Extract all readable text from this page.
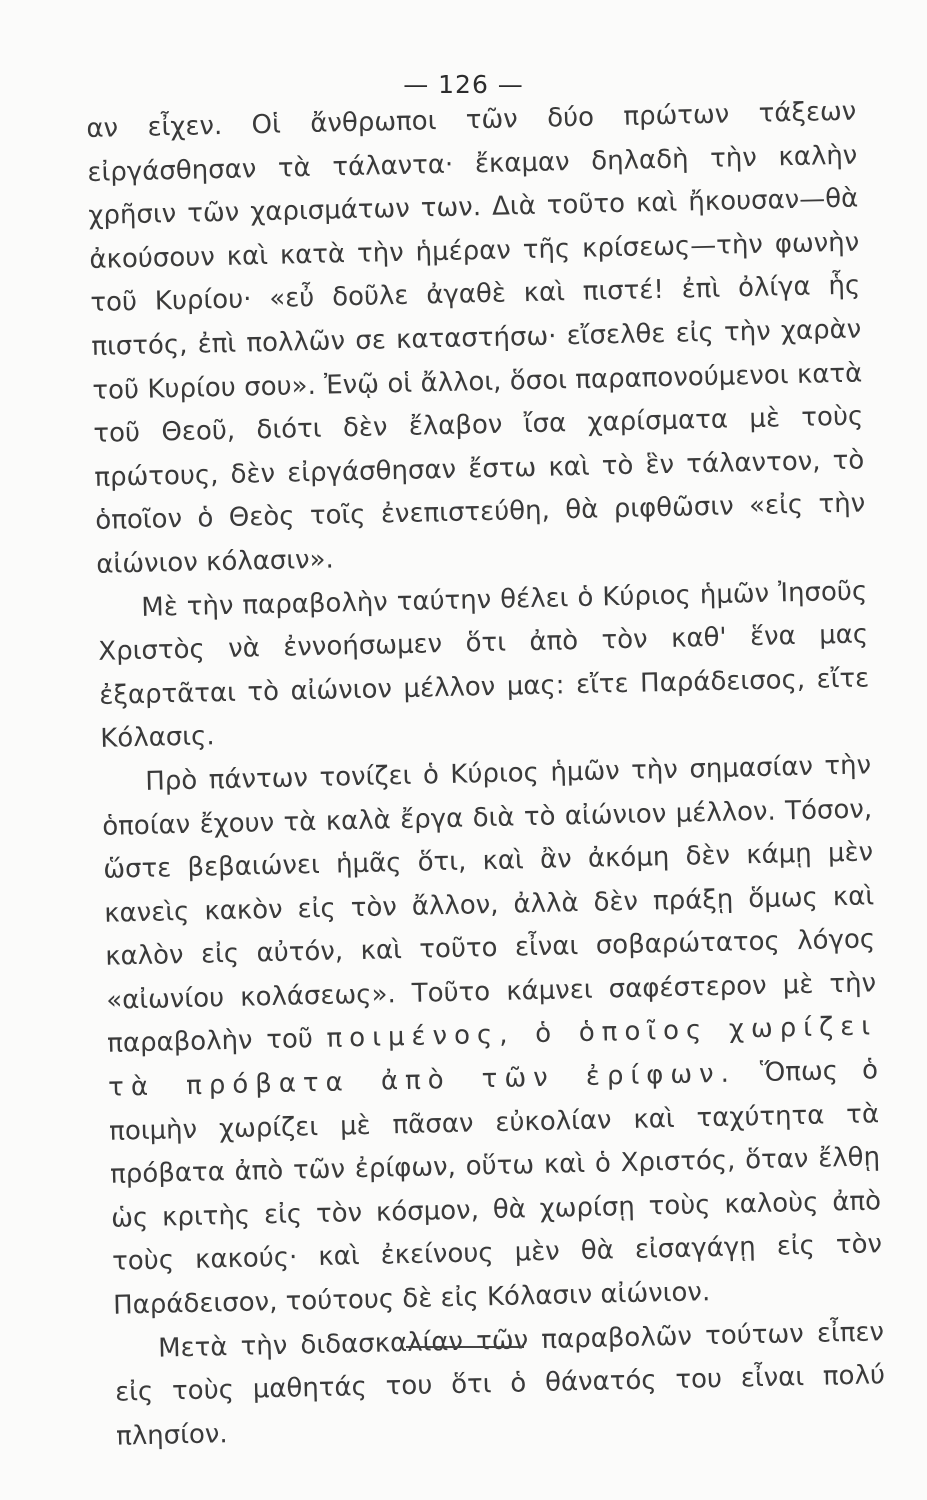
— 126 —

αν εἶχεν. Οἱ ἄνθρωποι τῶν δύο πρώτων τάξεων εἰργάσθησαν τὰ τάλαντα· ἔκαμαν δηλαδὴ τὴν καλὴν χρῆσιν τῶν χαρισμάτων των. Διὰ τοῦτο καὶ ἤκουσαν—θὰ ἀκούσουν καὶ κατὰ τὴν ἡμέραν τῆς κρίσεως—τὴν φωνὴν τοῦ Κυρίου· «εὖ δοῦλε ἀγαθὲ καὶ πιστέ! ἐπὶ ὀλίγα ἧς πιστός, ἐπὶ πολλῶν σε καταστήσω· εἴσελθε εἰς τὴν χαρὰν τοῦ Κυρίου σου». Ἐνῷ οἱ ἄλλοι, ὅσοι παραπονούμενοι κατὰ τοῦ Θεοῦ, διότι δὲν ἔλαβον ἴσα χαρίσματα μὲ τοὺς πρώτους, δὲν εἰργάσθησαν ἔστω καὶ τὸ ἓν τάλαντον, τὸ ὁποῖον ὁ Θεὸς τοῖς ἐνεπιστεύθη, θὰ ριφθῶσιν «εἰς τὴν αἰώνιον κόλασιν».

Μὲ τὴν παραβολὴν ταύτην θέλει ὁ Κύριος ἡμῶν Ἰησοῦς Χριστὸς νὰ ἐννοήσωμεν ὅτι ἀπὸ τὸν καθ' ἕνα μας ἐξαρτᾶται τὸ αἰώνιον μέλλον μας: εἴτε Παράδεισος, εἴτε Κόλασις.

Πρὸ πάντων τονίζει ὁ Κύριος ἡμῶν τὴν σημασίαν τὴν ὁποίαν ἔχουν τὰ καλὰ ἔργα διὰ τὸ αἰώνιον μέλλον. Τόσον, ὥστε βεβαιώνει ἡμᾶς ὅτι, καὶ ἂν ἀκόμη δὲν κάμῃ μὲν κανεὶς κακὸν εἰς τὸν ἄλλον, ἀλλὰ δὲν πράξῃ ὅμως καὶ καλὸν εἰς αὐτόν, καὶ τοῦτο εἶναι σοβαρώτατος λόγος «αἰωνίου κολάσεως». Τοῦτο κάμνει σαφέστερον μὲ τὴν παραβολὴν τοῦ ποιμένος, ὁ ὁποῖος χωρίζει τὰ πρόβατα ἀπὸ τῶν ἐρίφων. Ὅπως ὁ ποιμὴν χωρίζει μὲ πᾶσαν εὐκολίαν καὶ ταχύτητα τὰ πρόβατα ἀπὸ τῶν ἐρίφων, οὕτω καὶ ὁ Χριστός, ὅταν ἔλθῃ ὡς κριτὴς εἰς τὸν κόσμον, θὰ χωρίσῃ τοὺς καλοὺς ἀπὸ τοὺς κακούς· καὶ ἐκείνους μὲν θὰ εἰσαγάγῃ εἰς τὸν Παράδεισον, τούτους δὲ εἰς Κόλασιν αἰώνιον.

Μετὰ τὴν διδασκαλίαν τῶν παραβολῶν τούτων εἶπεν εἰς τοὺς μαθητάς του ὅτι ὁ θάνατός του εἶναι πολύ πλησίον.
